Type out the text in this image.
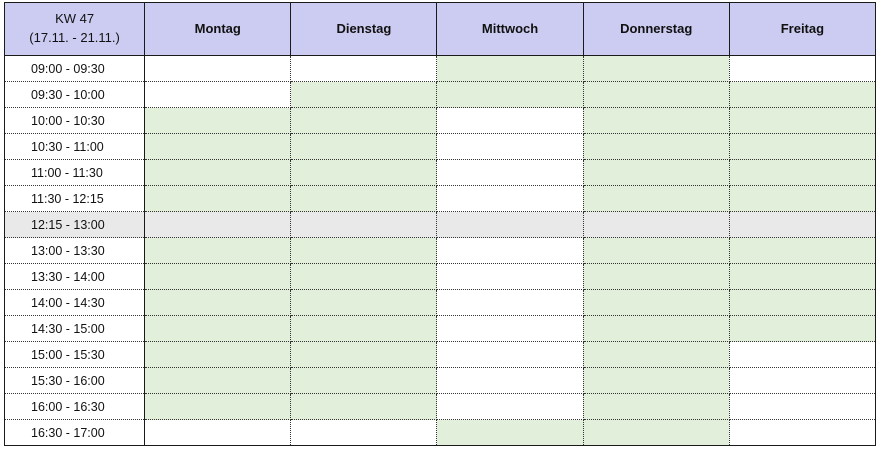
KW 47
(17.11. - 21.11.)	Montag	Dienstag	Mittwoch	Donnerstag	Freitag
09:00 - 09:30					
09:30 - 10:00					
10:00 - 10:30					
10:30 - 11:00					
11:00 - 11:30					
11:30 - 12:15					
12:15 - 13:00					
13:00 - 13:30					
13:30 - 14:00					
14:00 - 14:30					
14:30 - 15:00					
15:00 - 15:30					
15:30 - 16:00					
16:00 - 16:30					
16:30 - 17:00					
